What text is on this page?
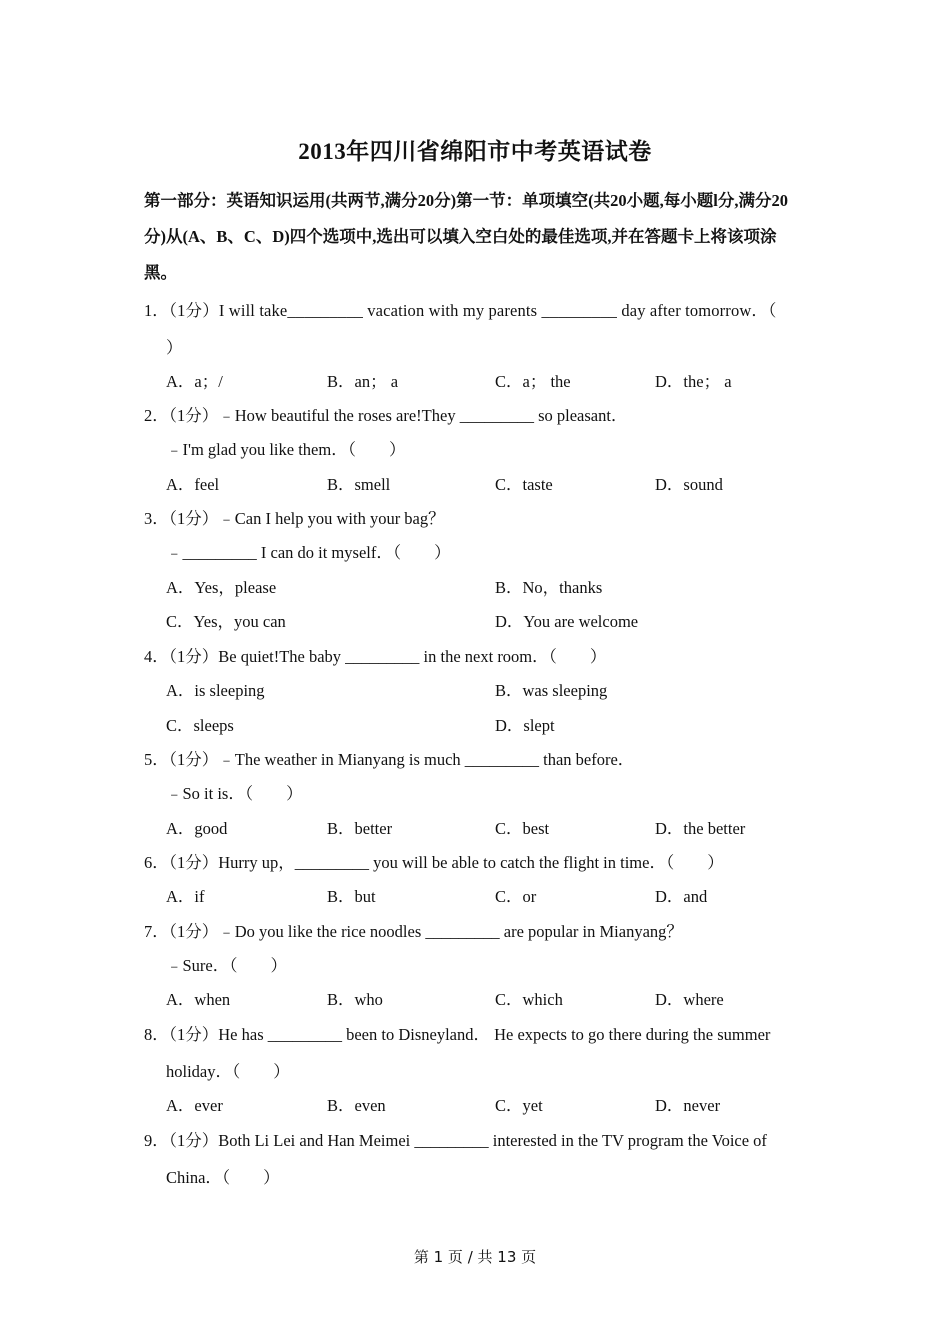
2013年四川省绵阳市中考英语试卷
第一部分：英语知识运用(共两节,满分20分)第一节：单项填空(共20小题,每小题l分,满分20分)从(A、B、C、D)四个选项中,选出可以填入空白处的最佳选项,并在答题卡上将该项涂黑。
1．（1分）I will take_________ vacation with my parents _________ day after tomorrow．（
）
A．a；/	B．an； a	C．a； the	D．the； a
2．（1分）﹣How beautiful the roses are!They _________ so pleasant．
﹣I'm glad you like them．（　　）
A．feel	B．smell	C．taste	D．sound
3．（1分）﹣Can I help you with your bag？
﹣_________ I can do it myself．（　　）
A．Yes，please	B．No，thanks
C．Yes，you can	D．You are welcome
4．（1分）Be quiet!The baby _________ in the next room．（　　）
A．is sleeping	B．was sleeping
C．sleeps	D．slept
5．（1分）﹣The weather in Mianyang is much _________ than before．
﹣So it is．（　　）
A．good	B．better	C．best	D．the better
6．（1分）Hurry up，_________ you will be able to catch the flight in time．（　　）
A．if	B．but	C．or	D．and
7．（1分）﹣Do you like the rice noodles _________ are popular in Mianyang？
﹣Sure．（　　）
A．when	B．who	C．which	D．where
8．（1分）He has _________ been to Disneyland． He expects to go there during the summer
holiday．（　　）
A．ever	B．even	C．yet	D．never
9．（1分）Both Li Lei and Han Meimei _________ interested in the TV program the Voice of
China．（　　）
第 1 页 / 共 13 页
